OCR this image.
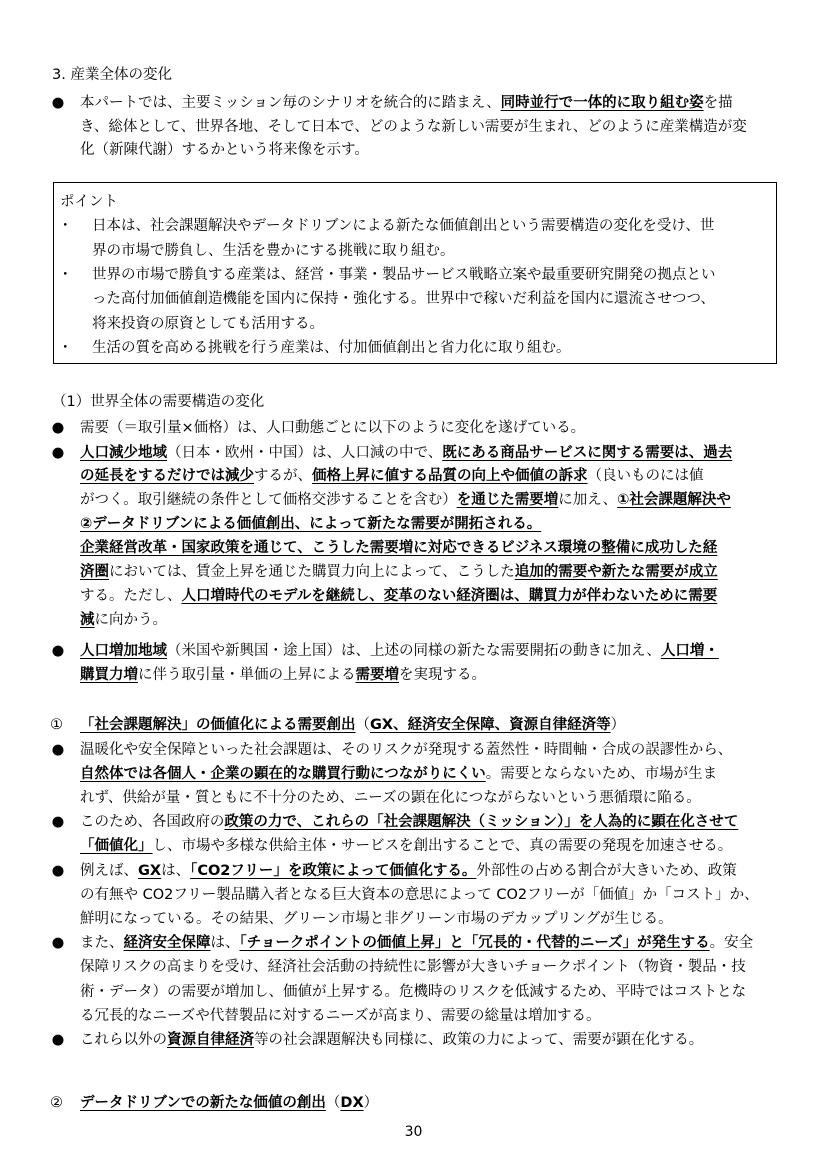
3. 産業全体の変化
● 本パートでは、主要ミッション毎のシナリオを統合的に踏まえ、同時並行で一体的に取り組む姿を描
き、総体として、世界各地、そして日本で、どのような新しい需要が生まれ、どのように産業構造が変
化（新陳代謝）するかという将来像を示す。
ポイント
・ 日本は、社会課題解決やデータドリブンによる新たな価値創出という需要構造の変化を受け、世
界の市場で勝負し、生活を豊かにする挑戦に取り組む。
・ 世界の市場で勝負する産業は、経営・事業・製品サービス戦略立案や最重要研究開発の拠点とい
った高付加価値創造機能を国内に保持・強化する。世界中で稼いだ利益を国内に還流させつつ、
将来投資の原資としても活用する。
・ 生活の質を高める挑戦を行う産業は、付加価値創出と省力化に取り組む。
（1）世界全体の需要構造の変化
● 需要（＝取引量×価格）は、人口動態ごとに以下のように変化を遂げている。
● 人口減少地域（日本・欧州・中国）は、人口減の中で、既にある商品サービスに関する需要は、過去
の延長をするだけでは減少するが、価格上昇に値する品質の向上や価値の訴求（良いものには値
がつく。取引継続の条件として価格交渉することを含む）を通じた需要増に加え、①社会課題解決や
②データドリブンによる価値創出、によって新たな需要が開拓される。
企業経営改革・国家政策を通じて、こうした需要増に対応できるビジネス環境の整備に成功した経
済圏においては、賃金上昇を通じた購買力向上によって、こうした追加的需要や新たな需要が成立
する。ただし、人口増時代のモデルを継続し、変革のない経済圏は、購買力が伴わないために需要
減に向かう。
● 人口増加地域（米国や新興国・途上国）は、上述の同様の新たな需要開拓の動きに加え、人口増・
購買力増に伴う取引量・単価の上昇による需要増を実現する。
① 「社会課題解決」の価値化による需要創出（GX、経済安全保障、資源自律経済等）
● 温暖化や安全保障といった社会課題は、そのリスクが発現する蓋然性・時間軸・合成の誤謬性から、
自然体では各個人・企業の顕在的な購買行動につながりにくい。需要とならないため、市場が生ま
れず、供給が量・質ともに不十分のため、ニーズの顕在化につながらないという悪循環に陥る。
● このため、各国政府の政策の力で、これらの「社会課題解決（ミッション）」を人為的に顕在化させて
「価値化」し、市場や多様な供給主体・サービスを創出することで、真の需要の発現を加速させる。
● 例えば、GXは、「CO2フリー」を政策によって価値化する。外部性の占める割合が大きいため、政策
の有無や CO2フリー製品購入者となる巨大資本の意思によって CO2フリーが「価値」か「コスト」か、
鮮明になっている。その結果、グリーン市場と非グリーン市場のデカップリングが生じる。
● また、経済安全保障は、「チョークポイントの価値上昇」と「冗長的・代替的ニーズ」が発生する。安全
保障リスクの高まりを受け、経済社会活動の持続性に影響が大きいチョークポイント（物資・製品・技
術・データ）の需要が増加し、価値が上昇する。危機時のリスクを低減するため、平時ではコストとな
る冗長的なニーズや代替製品に対するニーズが高まり、需要の総量は増加する。
● これら以外の資源自律経済等の社会課題解決も同様に、政策の力によって、需要が顕在化する。
② データドリブンでの新たな価値の創出（DX）
30
